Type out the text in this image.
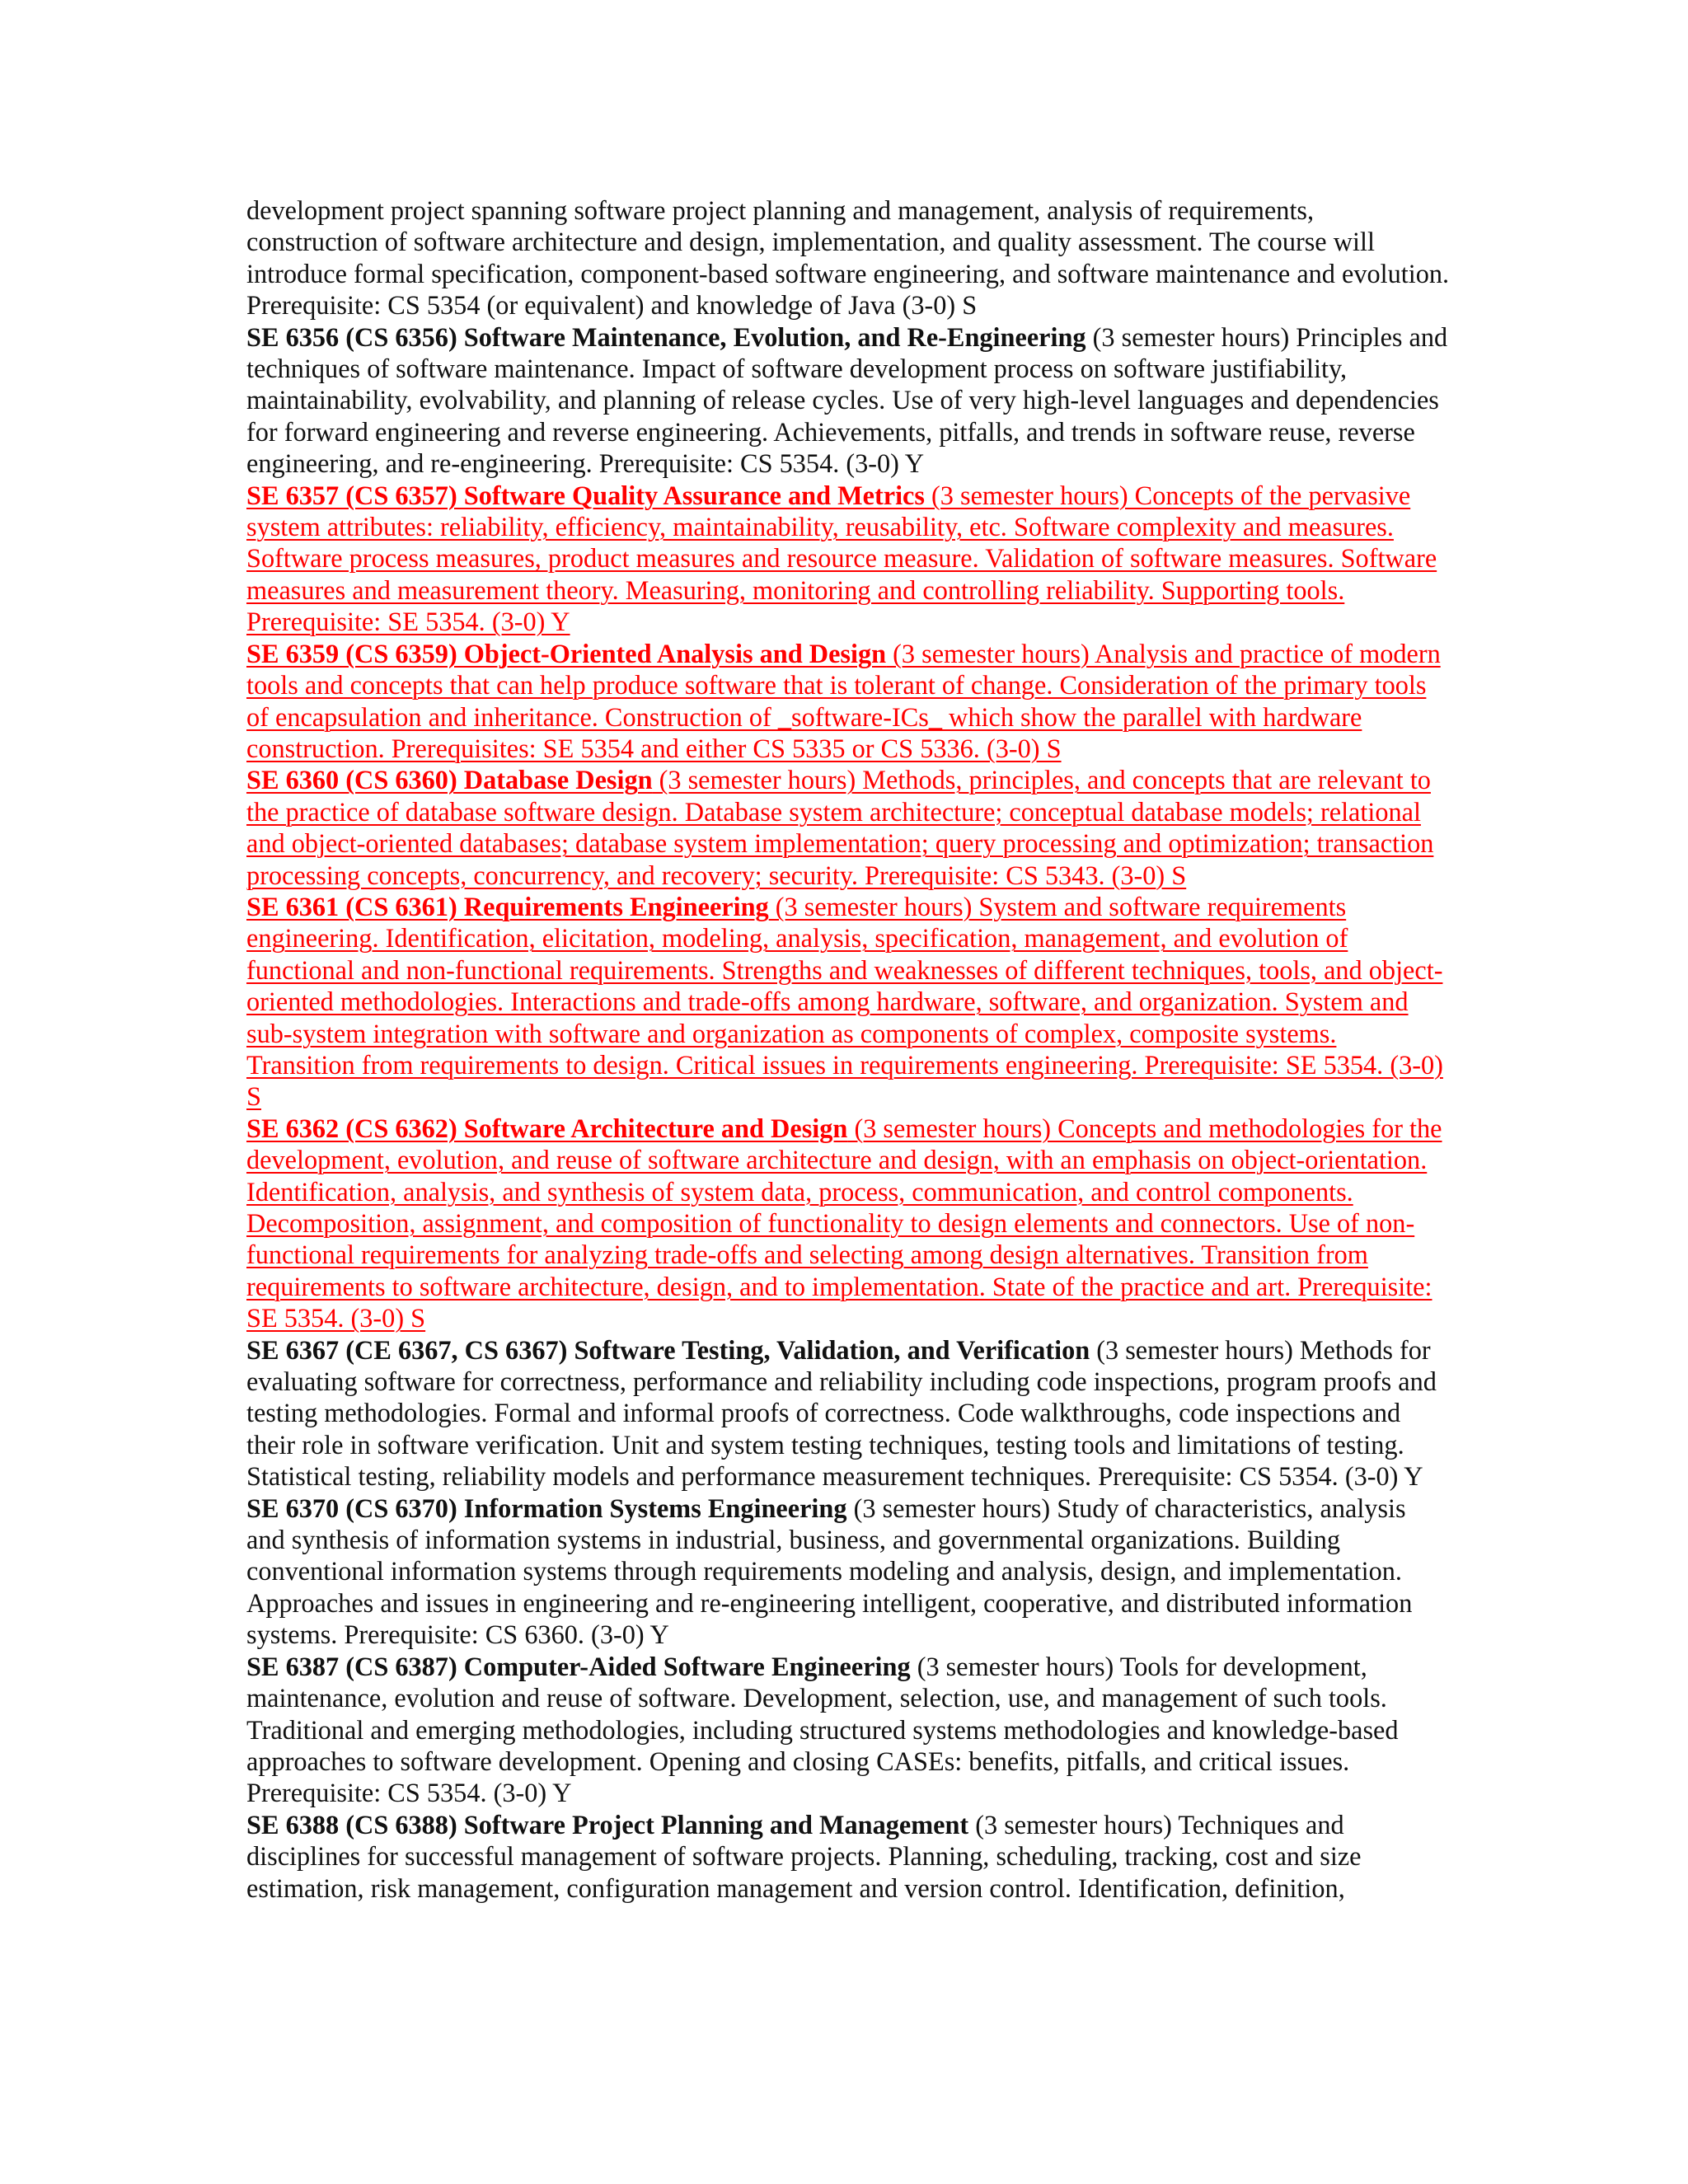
development project spanning software project planning and management, analysis of requirements, construction of software architecture and design, implementation, and quality assessment. The course will introduce formal specification, component-based software engineering, and software maintenance and evolution. Prerequisite: CS 5354 (or equivalent) and knowledge of Java (3-0) S

SE 6356 (CS 6356) Software Maintenance, Evolution, and Re-Engineering (3 semester hours) Principles and techniques of software maintenance. Impact of software development process on software justifiability, maintainability, evolvability, and planning of release cycles. Use of very high-level languages and dependencies for forward engineering and reverse engineering. Achievements, pitfalls, and trends in software reuse, reverse engineering, and re-engineering. Prerequisite: CS 5354. (3-0) Y

SE 6357 (CS 6357) Software Quality Assurance and Metrics (3 semester hours) Concepts of the pervasive system attributes: reliability, efficiency, maintainability, reusability, etc. Software complexity and measures. Software process measures, product measures and resource measure. Validation of software measures. Software measures and measurement theory. Measuring, monitoring and controlling reliability. Supporting tools. Prerequisite: SE 5354. (3-0) Y

SE 6359 (CS 6359) Object-Oriented Analysis and Design (3 semester hours) Analysis and practice of modern tools and concepts that can help produce software that is tolerant of change. Consideration of the primary tools of encapsulation and inheritance. Construction of _software-ICs_ which show the parallel with hardware construction. Prerequisites: SE 5354 and either CS 5335 or CS 5336. (3-0) S

SE 6360 (CS 6360) Database Design (3 semester hours) Methods, principles, and concepts that are relevant to the practice of database software design. Database system architecture; conceptual database models; relational and object-oriented databases; database system implementation; query processing and optimization; transaction processing concepts, concurrency, and recovery; security. Prerequisite: CS 5343. (3-0) S

SE 6361 (CS 6361) Requirements Engineering (3 semester hours) System and software requirements engineering. Identification, elicitation, modeling, analysis, specification, management, and evolution of functional and non-functional requirements. Strengths and weaknesses of different techniques, tools, and object-oriented methodologies. Interactions and trade-offs among hardware, software, and organization. System and sub-system integration with software and organization as components of complex, composite systems. Transition from requirements to design. Critical issues in requirements engineering. Prerequisite: SE 5354. (3-0) S

SE 6362 (CS 6362) Software Architecture and Design (3 semester hours) Concepts and methodologies for the development, evolution, and reuse of software architecture and design, with an emphasis on object-orientation. Identification, analysis, and synthesis of system data, process, communication, and control components. Decomposition, assignment, and composition of functionality to design elements and connectors. Use of non-functional requirements for analyzing trade-offs and selecting among design alternatives. Transition from requirements to software architecture, design, and to implementation. State of the practice and art. Prerequisite: SE 5354. (3-0) S

SE 6367 (CE 6367, CS 6367) Software Testing, Validation, and Verification (3 semester hours) Methods for evaluating software for correctness, performance and reliability including code inspections, program proofs and testing methodologies. Formal and informal proofs of correctness. Code walkthroughs, code inspections and their role in software verification. Unit and system testing techniques, testing tools and limitations of testing. Statistical testing, reliability models and performance measurement techniques. Prerequisite: CS 5354. (3-0) Y

SE 6370 (CS 6370) Information Systems Engineering (3 semester hours) Study of characteristics, analysis and synthesis of information systems in industrial, business, and governmental organizations. Building conventional information systems through requirements modeling and analysis, design, and implementation. Approaches and issues in engineering and re-engineering intelligent, cooperative, and distributed information systems. Prerequisite: CS 6360. (3-0) Y

SE 6387 (CS 6387) Computer-Aided Software Engineering (3 semester hours) Tools for development, maintenance, evolution and reuse of software. Development, selection, use, and management of such tools. Traditional and emerging methodologies, including structured systems methodologies and knowledge-based approaches to software development. Opening and closing CASEs: benefits, pitfalls, and critical issues. Prerequisite: CS 5354. (3-0) Y

SE 6388 (CS 6388) Software Project Planning and Management (3 semester hours) Techniques and disciplines for successful management of software projects. Planning, scheduling, tracking, cost and size estimation, risk management, configuration management and version control. Identification, definition,
